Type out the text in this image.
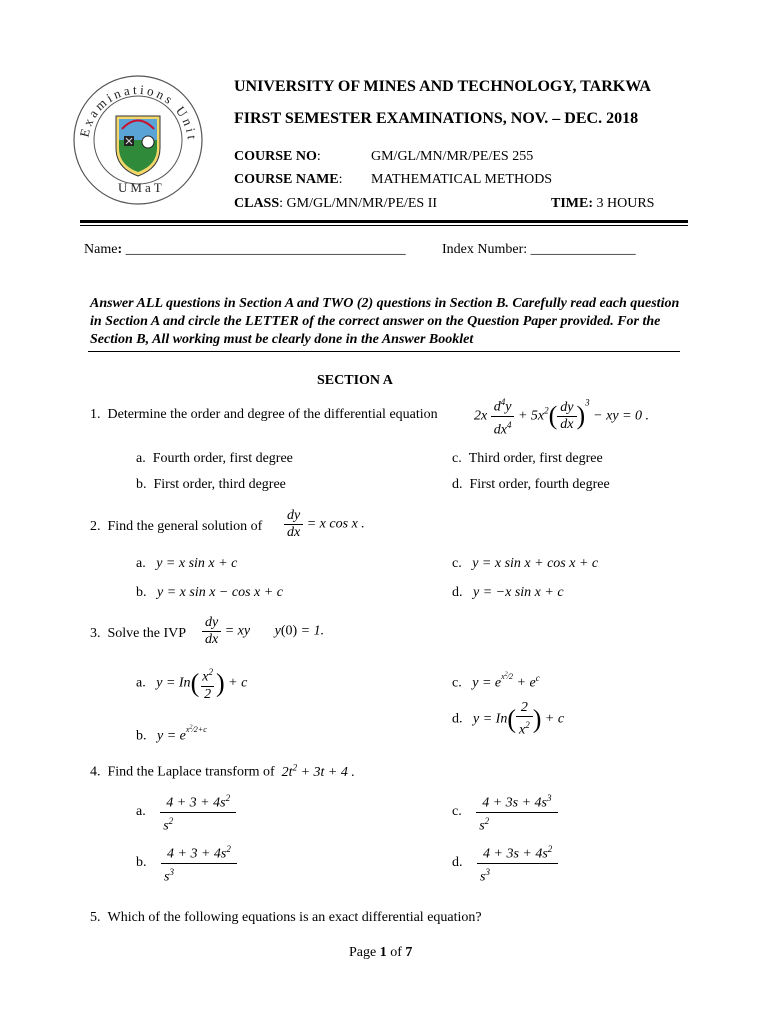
Examinations Unit
UMaT
UNIVERSITY OF MINES AND TECHNOLOGY, TARKWA
FIRST SEMESTER EXAMINATIONS, NOV. – DEC. 2018
COURSE NO:	GM/GL/MN/MR/PE/ES 255
COURSE NAME: MATHEMATICAL METHODS
CLASS: GM/GL/MN/MR/PE/ES II	TIME: 3 HOURS
Name: ________________________________________	Index Number: _______________
Answer ALL questions in Section A and TWO (2) questions in Section B. Carefully read each question in Section A and circle the LETTER of the correct answer on the Question Paper provided. For the Section B, All working must be clearly done in the Answer Booklet
SECTION A
1. Determine the order and degree of the differential equation	$2x \frac{d^4y}{dx^4} + 5x^2( \frac{dy}{dx} )^3$ − xy = 0 .
a. Fourth order, first degree
b. First order, third degree
c. Third order, first degree
d. First order, fourth degree
2. Find the general solution of $\frac{dy}{dx} = x$ cos x .
a. y = x sin x + c
b. y = x sin x − cos x + c
c. y = x sin x + cos x + c
d. y = −x sin x + c
3. Solve the IVP $\frac{dy}{dx}$ = xy y(0) = 1.
a. $y = In( \frac{x^2}{2}$ ) + c
b. $y = e^{x^2⁄2+c}$
c. $y = e^{x^2⁄2} + e^c$
d. $y = In( \frac{2}{x^2}$ ) + c
4. Find the Laplace transform of $2t^2 + 3t + 4$ .
a. $\frac{4 + 3 + 4s^2}{s^2}$
b. $\frac{4 + 3 + 4s^2}{s^3}$
c. $\frac{4 + 3s + 4s^3}{s^2}$
d. $\frac{4 + 3s + 4s^2}{s^3}$
5. Which of the following equations is an exact differential equation?
Page 1 of 7
